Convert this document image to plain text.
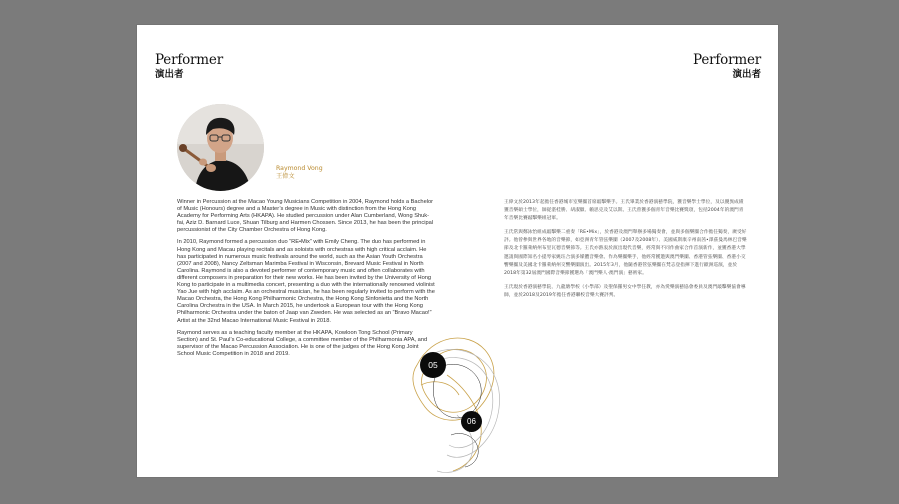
Performer
演出者
Performer
演出者
Raymond Vong
王偉文

Winner in Percussion at the Macao Young Musicians Competition in 2004, Raymond holds a Bachelor of Music (Honours) degree and a Master’s degree in Music with distinction from the Hong Kong Academy for Performing Arts (HKAPA). He studied percussion under Alan Cumberland, Wong Shuk-fai, Aziz D. Barnard Luce, Shuan Tilburg and Harmen Chossen. Since 2013, he has been the principal percussionist of the City Chamber Orchestra of Hong Kong.

In 2010, Raymond formed a percussion duo “RE•Mix” with Emily Cheng. The duo has performed in Hong Kong and Macau playing recitals and as soloists with orchestras with high critical acclaim. He has participated in numerous music festivals around the world, such as the Asian Youth Orchestra (2007 and 2008), Nancy Zeltsman Marimba Festival in Wisconsin, Brevard Music Festival in North Carolina. Raymond is also a devoted performer of contemporary music and often collaborates with different composers in preparation for their new works. He has been invited by the University of Hong Kong to participate in a multimedia concert, presenting a duo with the internationally renowned violinist Yao Jue with high acclaim. As an orchestral musician, he has been regularly invited to perform with the Macao Orchestra, the Hong Kong Philharmonic Orchestra, the Hong Kong Sinfonietta and the North Carolina Orchestra in the USA. In March 2015, he undertook a European tour with the Hong Kong Philharmonic Orchestra under the baton of Jaap van Zweden. He was selected as an “Bravo Macao!” Artist at the 32nd Macao International Music Festival in 2018.

Raymond serves as a teaching faculty member at the HKAPA, Kowloon Tong School (Primary Section) and St. Paul’s Co-educational College, a committee member of the Philharmonia APA, and supervisor of the Macao Percussion Association. He is one of the judges of the Hong Kong Joint School Music Competition in 2018 and 2019.

王偉文於2013年起擔任香港城市室樂團首席敲擊樂手。王氏畢業於香港演藝學院，獲音樂學士學位，及以優異成績獲音樂碩士學位，師從湛桂勝、胡淑徽、賴思克及艾以斯。王氏曾獲多個青年音樂比賽獎項，包括2004年的澳門青年音樂比賽敲擊樂組冠軍。

王氏常與鄭泳怡組成敲擊樂二重奏「RE•Mix」，於香港及澳門舉辦多場獨奏會，並與多個樂團合作擔任獨奏，廣受好評。他曾參與世界各地的音樂節，如亞洲青年管弦樂團（2007及2008年）、美國威斯康辛州南茜•澤茲曼馬林巴音樂節及北卡羅萊納州布里瓦德音樂節等。王氏亦熱衷於演出現代音樂，經常與不同作曲家合作首演新作，並獲香港大學邀請與國際知名小提琴家姚珏合演多媒體音樂會。作為樂團樂手，他經常獲邀與澳門樂團、香港管弦樂團、香港小交響樂團及美國北卡羅萊納州交響樂團演出。2015年3月，他隨香港管弦樂團在梵志登指揮下進行歐洲巡演，並於2018年第32屆澳門國際音樂節獲選為「澳門樂人‧澳門演」藝術家。

王氏現於香港演藝學院、九龍塘學校（小學部）及聖保羅男女中學任教，亦為愛樂演藝協會委員及澳門敲擊樂協會導師，並於2018及2019年擔任香港聯校音樂大賽評判。

05
06
